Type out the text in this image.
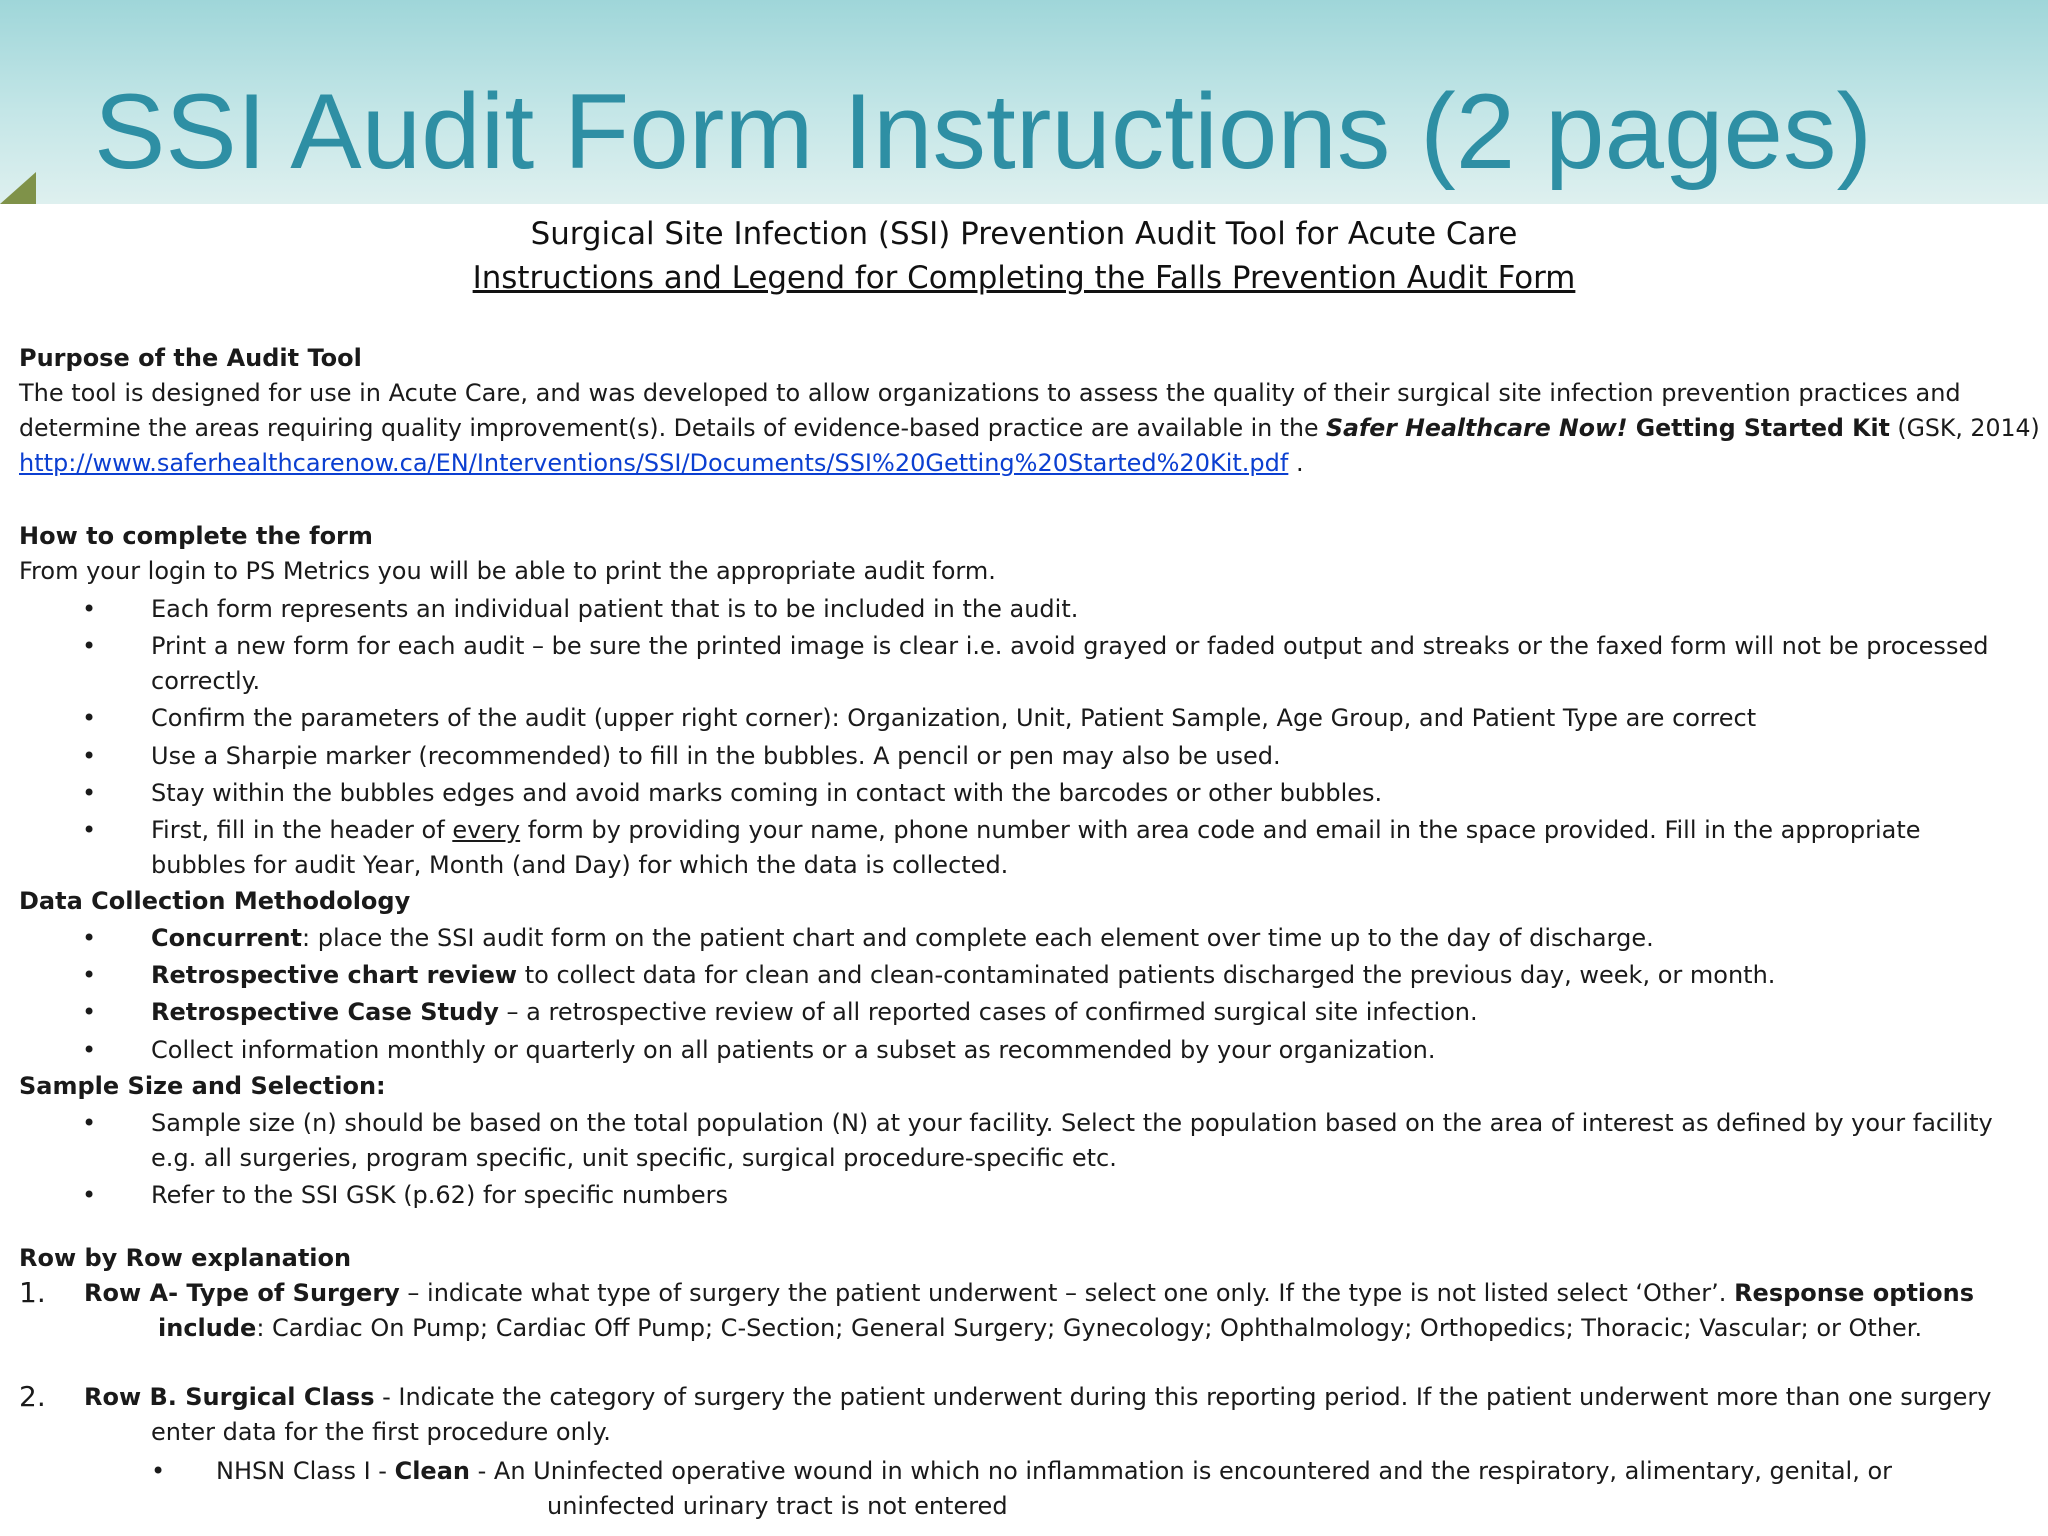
SSI Audit Form Instructions (2 pages)
Surgical Site Infection (SSI) Prevention Audit Tool for Acute Care
Instructions and Legend for Completing the Falls Prevention Audit Form
Purpose of the Audit Tool
The tool is designed for use in Acute Care, and was developed to allow organizations to assess the quality of their surgical site infection prevention practices and
determine the areas requiring quality improvement(s). Details of evidence-based practice are available in the Safer Healthcare Now! Getting Started Kit (GSK, 2014)
http://www.saferhealthcarenow.ca/EN/Interventions/SSI/Documents/SSI%20Getting%20Started%20Kit.pdf .
How to complete the form
From your login to PS Metrics you will be able to print the appropriate audit form.
• Each form represents an individual patient that is to be included in the audit.
• Print a new form for each audit – be sure the printed image is clear i.e. avoid grayed or faded output and streaks or the faxed form will not be processed
correctly.
• Confirm the parameters of the audit (upper right corner): Organization, Unit, Patient Sample, Age Group, and Patient Type are correct
• Use a Sharpie marker (recommended) to fill in the bubbles. A pencil or pen may also be used.
• Stay within the bubbles edges and avoid marks coming in contact with the barcodes or other bubbles.
• First, fill in the header of every form by providing your name, phone number with area code and email in the space provided. Fill in the appropriate
bubbles for audit Year, Month (and Day) for which the data is collected.
Data Collection Methodology
• Concurrent: place the SSI audit form on the patient chart and complete each element over time up to the day of discharge.
• Retrospective chart review to collect data for clean and clean-contaminated patients discharged the previous day, week, or month.
• Retrospective Case Study – a retrospective review of all reported cases of confirmed surgical site infection.
• Collect information monthly or quarterly on all patients or a subset as recommended by your organization.
Sample Size and Selection:
• Sample size (n) should be based on the total population (N) at your facility. Select the population based on the area of interest as defined by your facility
e.g. all surgeries, program specific, unit specific, surgical procedure-specific etc.
• Refer to the SSI GSK (p.62) for specific numbers
Row by Row explanation
1. Row A- Type of Surgery – indicate what type of surgery the patient underwent – select one only. If the type is not listed select ‘Other’. Response options
include: Cardiac On Pump; Cardiac Off Pump; C-Section; General Surgery; Gynecology; Ophthalmology; Orthopedics; Thoracic; Vascular; or Other.
2. Row B. Surgical Class - Indicate the category of surgery the patient underwent during this reporting period. If the patient underwent more than one surgery
enter data for the first procedure only.
• NHSN Class I - Clean - An Uninfected operative wound in which no inflammation is encountered and the respiratory, alimentary, genital, or
uninfected urinary tract is not entered
